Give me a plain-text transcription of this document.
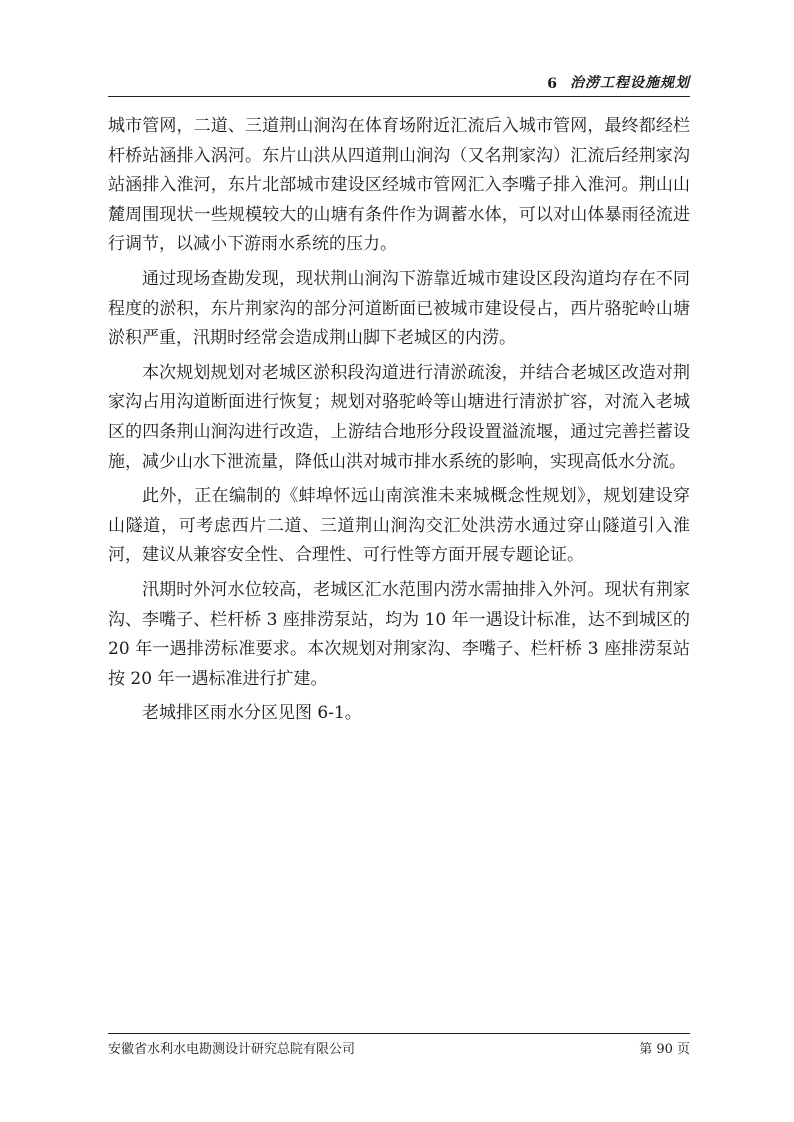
6 治涝工程设施规划

城市管网，二道、三道荆山涧沟在体育场附近汇流后入城市管网，最终都经栏杆桥站涵排入涡河。东片山洪从四道荆山涧沟（又名荆家沟）汇流后经荆家沟站涵排入淮河，东片北部城市建设区经城市管网汇入李嘴子排入淮河。荆山山麓周围现状一些规模较大的山塘有条件作为调蓄水体，可以对山体暴雨径流进行调节，以减小下游雨水系统的压力。

通过现场查勘发现，现状荆山涧沟下游靠近城市建设区段沟道均存在不同程度的淤积，东片荆家沟的部分河道断面已被城市建设侵占，西片骆驼岭山塘淤积严重，汛期时经常会造成荆山脚下老城区的内涝。

本次规划规划对老城区淤积段沟道进行清淤疏浚，并结合老城区改造对荆家沟占用沟道断面进行恢复；规划对骆驼岭等山塘进行清淤扩容，对流入老城区的四条荆山涧沟进行改造，上游结合地形分段设置溢流堰，通过完善拦蓄设施，减少山水下泄流量，降低山洪对城市排水系统的影响，实现高低水分流。

此外，正在编制的《蚌埠怀远山南滨淮未来城概念性规划》，规划建设穿山隧道，可考虑西片二道、三道荆山涧沟交汇处洪涝水通过穿山隧道引入淮河，建议从兼容安全性、合理性、可行性等方面开展专题论证。

汛期时外河水位较高，老城区汇水范围内涝水需抽排入外河。现状有荆家沟、李嘴子、栏杆桥 3 座排涝泵站，均为 10 年一遇设计标准，达不到城区的 20 年一遇排涝标准要求。本次规划对荆家沟、李嘴子、栏杆桥 3 座排涝泵站按 20 年一遇标准进行扩建。

老城排区雨水分区见图 6-1。

安徽省水利水电勘测设计研究总院有限公司	第 90 页
